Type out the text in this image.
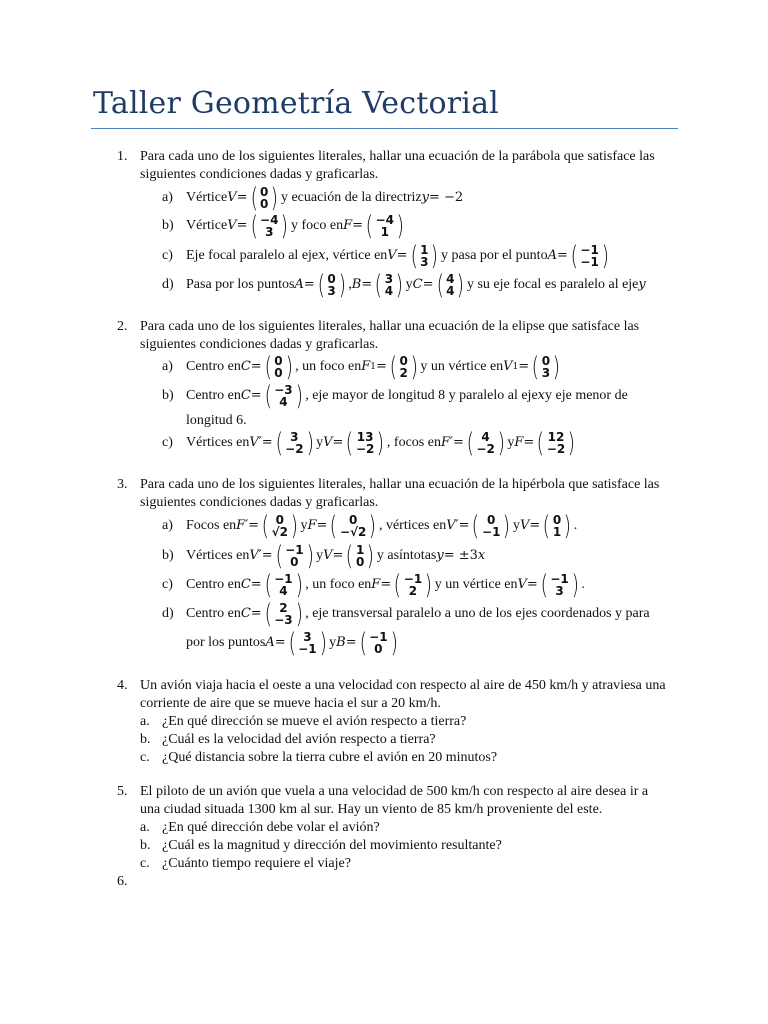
Taller Geometría Vectorial
1. Para cada uno de los siguientes literales, hallar una ecuación de la parábola que satisface las
siguientes condiciones dadas y graficarlas.
a) Vértice V = ( 0
0 ) y ecuación de la directriz y = −2
b) Vértice V = ( −4
3 ) y foco en F = ( −4
1 )
c) Eje focal paralelo al eje x , vértice en V = ( 1
3 ) y pasa por el punto A = ( −1
−1 )
d) Pasa por los puntos A = ( 0
3 ) , B = ( 3
4 ) y C = ( 4
4 ) y su eje focal es paralelo al eje y
2. Para cada uno de los siguientes literales, hallar una ecuación de la elipse que satisface las
siguientes condiciones dadas y graficarlas.
a) Centro en C = ( 0
0 ) , un foco en F 1 = ( 0
2 ) y un vértice en V 1 = ( 0
3 )
b) Centro en C = ( −3
4 ) , eje mayor de longitud 8 y paralelo al eje x y eje menor de
longitud 6.
c) Vértices en V′ = ( 3
−2 ) y V = ( 13
−2 ) , focos en F′ = ( 4
−2 ) y F = ( 12
−2 )
3. Para cada uno de los siguientes literales, hallar una ecuación de la hipérbola que satisface las
siguientes condiciones dadas y graficarlas.
a) Focos en F′ = ( 0
√2 ) y F = ( 0
−√2 ) , vértices en V′ = ( 0
−1 ) y V = ( 0
1 ) .
b) Vértices en V′ = ( −1
0 ) y V = ( 1
0 ) y asíntotas y = ±3 x
c) Centro en C = ( −1
4 ) , un foco en F = ( −1
2 ) y un vértice en V = ( −1
3 ) .
d) Centro en C = ( 2
−3 ) , eje transversal paralelo a uno de los ejes coordenados y para
por los puntos A = ( 3
−1 ) y B = ( −1
0 )
4. Un avión viaja hacia el oeste a una velocidad con respecto al aire de 450 km/h y atraviesa una
corriente de aire que se mueve hacia el sur a 20 km/h.
a. ¿En qué dirección se mueve el avión respecto a tierra?
b. ¿Cuál es la velocidad del avión respecto a tierra?
c. ¿Qué distancia sobre la tierra cubre el avión en 20 minutos?
5. El piloto de un avión que vuela a una velocidad de 500 km/h con respecto al aire desea ir a
una ciudad situada 1300 km al sur. Hay un viento de 85 km/h proveniente del este.
a. ¿En qué dirección debe volar el avión?
b. ¿Cuál es la magnitud y dirección del movimiento resultante?
c. ¿Cuánto tiempo requiere el viaje?
6.
